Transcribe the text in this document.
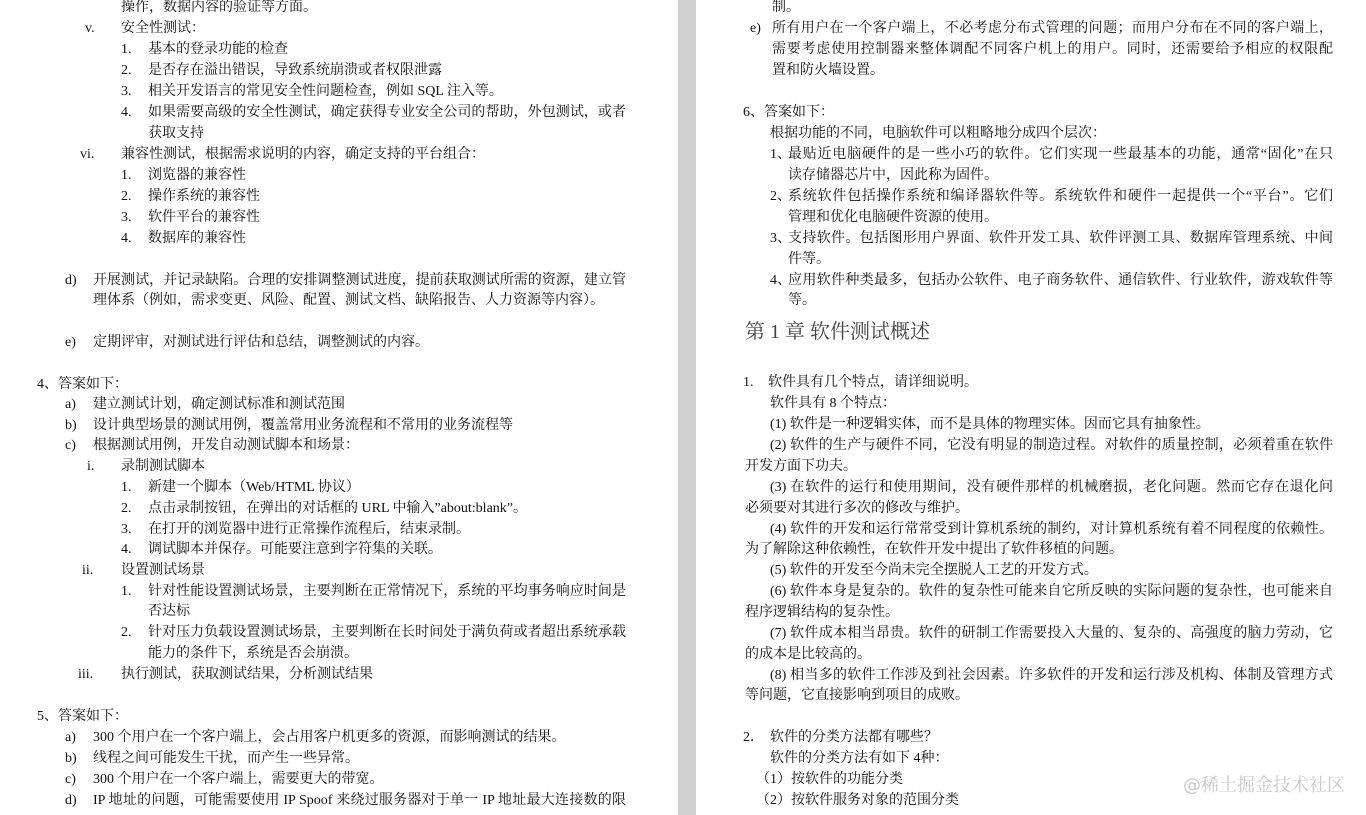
操作，数据内容的验证等方面。
v. 安全性测试：
1. 基本的登录功能的检查
2. 是否存在溢出错误，导致系统崩溃或者权限泄露
3. 相关开发语言的常见安全性问题检查，例如 SQL 注入等。
4. 如果需要高级的安全性测试，确定获得专业安全公司的帮助，外包测试，或者
获取支持
vi. 兼容性测试，根据需求说明的内容，确定支持的平台组合：
1. 浏览器的兼容性
2. 操作系统的兼容性
3. 软件平台的兼容性
4. 数据库的兼容性
d) 开展测试，并记录缺陷。合理的安排调整测试进度，提前获取测试所需的资源，建立管
理体系（例如，需求变更、风险、配置、测试文档、缺陷报告、人力资源等内容）。
e) 定期评审，对测试进行评估和总结，调整测试的内容。
4、答案如下：
a) 建立测试计划，确定测试标准和测试范围
b) 设计典型场景的测试用例，覆盖常用业务流程和不常用的业务流程等
c) 根据测试用例，开发自动测试脚本和场景：
i. 录制测试脚本
1. 新建一个脚本（Web/HTML 协议）
2. 点击录制按钮，在弹出的对话框的 URL 中输入”about:blank”。
3. 在打开的浏览器中进行正常操作流程后，结束录制。
4. 调试脚本并保存。可能要注意到字符集的关联。
ii. 设置测试场景
1. 针对性能设置测试场景，主要判断在正常情况下，系统的平均事务响应时间是
否达标
2. 针对压力负载设置测试场景，主要判断在长时间处于满负荷或者超出系统承载
能力的条件下，系统是否会崩溃。
iii. 执行测试，获取测试结果，分析测试结果
5、答案如下：
a) 300 个用户在一个客户端上，会占用客户机更多的资源，而影响测试的结果。
b) 线程之间可能发生干扰，而产生一些异常。
c) 300 个用户在一个客户端上，需要更大的带宽。
d) IP 地址的问题，可能需要使用 IP Spoof 来绕过服务器对于单一 IP 地址最大连接数的限
制。
e) 所有用户在一个客户端上，不必考虑分布式管理的问题；而用户分布在不同的客户端上，
需要考虑使用控制器来整体调配不同客户机上的用户。同时，还需要给予相应的权限配
置和防火墙设置。
6、答案如下：
根据功能的不同，电脑软件可以粗略地分成四个层次：
1、
最贴近电脑硬件的是一些小巧的软件。它们实现一些最基本的功能，通常“固化”在只
读存储器芯片中，因此称为固件。
2、
系统软件包括操作系统和编译器软件等。系统软件和硬件一起提供一个“平台”。它们
管理和优化电脑硬件资源的使用。
3、
支持软件。包括图形用户界面、软件开发工具、软件评测工具、数据库管理系统、中间
件等。
4、
应用软件种类最多，包括办公软件、电子商务软件、通信软件、行业软件，游戏软件等
等。
第 1 章 软件测试概述
1. 软件具有几个特点，请详细说明。
软件具有 8 个特点：
(1) 软件是一种逻辑实体，而不是具体的物理实体。因而它具有抽象性。
(2) 软件的生产与硬件不同，它没有明显的制造过程。对软件的质量控制，必须着重在软件
开发方面下功夫。
(3) 在软件的运行和使用期间，没有硬件那样的机械磨损，老化问题。然而它存在退化问
必须要对其进行多次的修改与维护。
(4) 软件的开发和运行常常受到计算机系统的制约，对计算机系统有着不同程度的依赖性。
为了解除这种依赖性，在软件开发中提出了软件移植的问题。
(5) 软件的开发至今尚未完全摆脱人工艺的开发方式。
(6) 软件本身是复杂的。软件的复杂性可能来自它所反映的实际问题的复杂性，也可能来自
程序逻辑结构的复杂性。
(7) 软件成本相当昂贵。软件的研制工作需要投入大量的、复杂的、高强度的脑力劳动，它
的成本是比较高的。
(8) 相当多的软件工作涉及到社会因素。许多软件的开发和运行涉及机构、体制及管理方式
等问题，它直接影响到项目的成败。
2． 软件的分类方法都有哪些？
软件的分类方法有如下 4种：
（1）按软件的功能分类
（2）按软件服务对象的范围分类
@稀土掘金技术社区
